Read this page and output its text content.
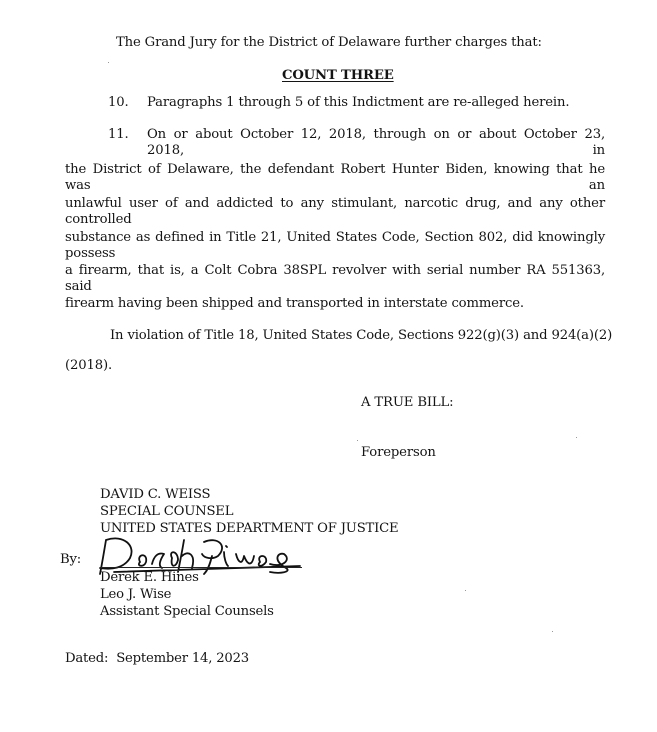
The Grand Jury for the District of Delaware further charges that:
COUNT THREE
10. Paragraphs 1 through 5 of this Indictment are re-alleged herein.
11. On or about October 12, 2018, through on or about October 23, 2018, in
the District of Delaware, the defendant Robert Hunter Biden, knowing that he was an
unlawful user of and addicted to any stimulant, narcotic drug, and any other controlled
substance as defined in Title 21, United States Code, Section 802, did knowingly possess
a firearm, that is, a Colt Cobra 38SPL revolver with serial number RA 551363, said
firearm having been shipped and transported in interstate commerce.
In violation of Title 18, United States Code, Sections 922(g)(3) and 924(a)(2)
(2018).
A TRUE BILL:
Foreperson
DAVID C. WEISS
SPECIAL COUNSEL
UNITED STATES DEPARTMENT OF JUSTICE
By:
Derek E. Hines
Leo J. Wise
Assistant Special Counsels
Dated:  September 14, 2023
